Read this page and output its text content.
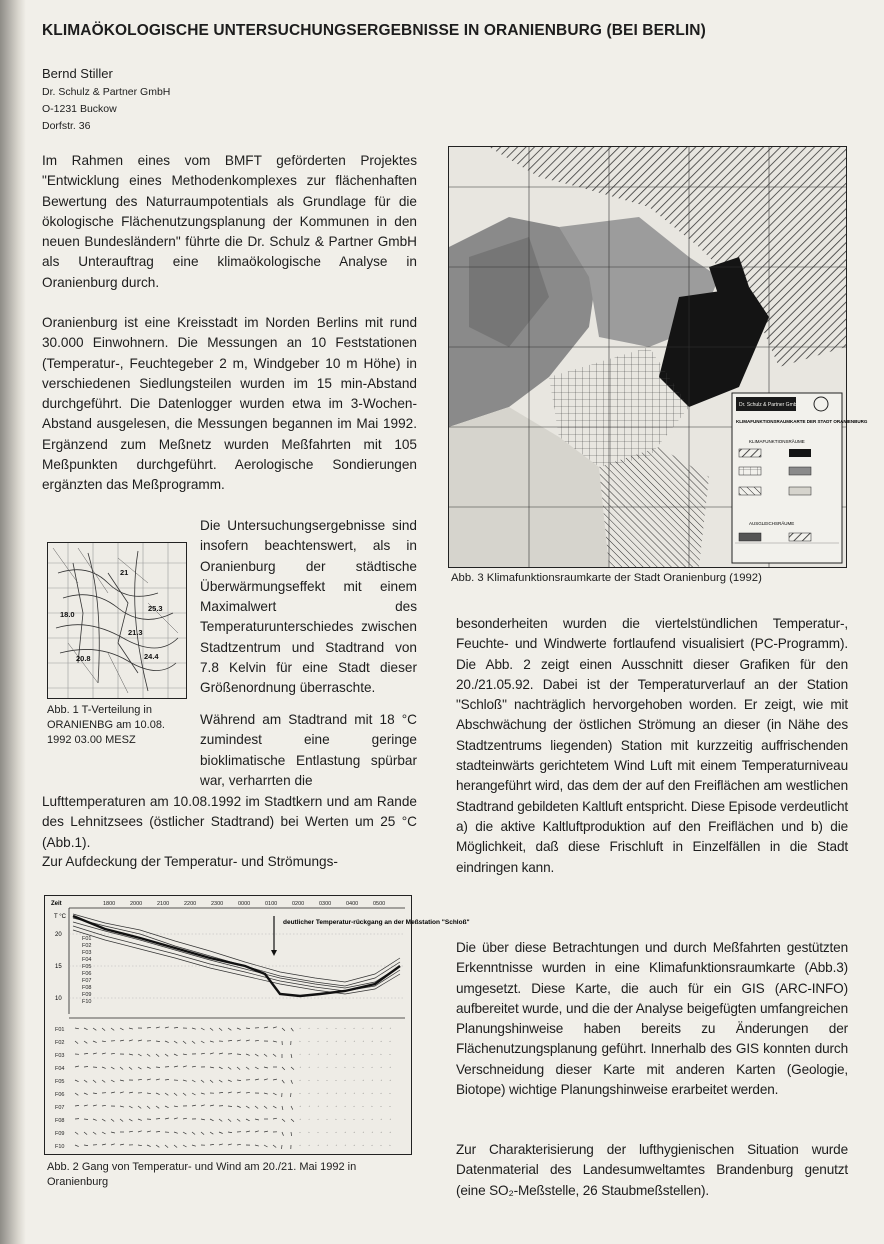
KLIMAÖKOLOGISCHE UNTERSUCHUNGSERGEBNISSE IN ORANIENBURG (BEI BERLIN)
Bernd Stiller
Dr. Schulz & Partner GmbH
O-1231 Buckow
Dorfstr. 36

Im Rahmen eines vom BMFT geförderten Projektes "Entwicklung eines Methodenkomplexes zur flächenhaften Bewertung des Naturraumpotentials als Grundlage für die ökologische Flächenutzungsplanung der Kommunen in den neuen Bundesländern" führte die Dr. Schulz & Partner GmbH als Unterauftrag eine klimaökologische Analyse in Oranienburg durch.

Oranienburg ist eine Kreisstadt im Norden Berlins mit rund 30.000 Einwohnern. Die Messungen an 10 Feststationen (Temperatur-, Feuchtegeber 2 m, Windgeber 10 m Höhe) in verschiedenen Siedlungsteilen wurden im 15 min-Abstand durchgeführt. Die Datenlogger wurden etwa im 3-Wochen-Abstand ausgelesen, die Messungen begannen im Mai 1992. Ergänzend zum Meßnetz wurden Meßfahrten mit 105 Meßpunkten durchgeführt. Aerologische Sondierungen ergänzten das Meßprogramm.

Die Untersuchungsergebnisse sind insofern beachtenswert, als in Oranienburg der städtische Überwärmungseffekt mit einem Maximalwert des Temperaturunterschiedes zwischen Stadtzentrum und Stadtrand von 7.8 Kelvin für eine Stadt dieser Größenordnung überraschte.

Während am Stadtrand mit 18 °C zumindest eine geringe bioklimatische Entlastung spürbar war, verharrten die

Lufttemperaturen am 10.08.1992 im Stadtkern und am Rande des Lehnitzsees (östlicher Stadtrand) bei Werten um 25 °C (Abb.1).

Zur Aufdeckung der Temperatur- und Strömungs-

besonderheiten wurden die viertelstündlichen Temperatur-, Feuchte- und Windwerte fortlaufend visualisiert (PC-Programm). Die Abb. 2 zeigt einen Ausschnitt dieser Grafiken für den 20./21.05.92. Dabei ist der Temperaturverlauf an der Station "Schloß" nachträglich hervorgehoben worden. Er zeigt, wie mit Abschwächung der östlichen Strömung an dieser (in Nähe des Stadtzentrums liegenden) Station mit kurzzeitig auffrischenden stadteinwärts gerichtetem Wind Luft mit einem Temperaturniveau herangeführt wird, das dem der auf den Freiflächen am westlichen Stadtrand gebildeten Kaltluft entspricht. Diese Episode verdeutlicht a) die aktive Kaltluftproduktion auf den Freiflächen und b) die Möglichkeit, daß diese Frischluft in Einzelfällen in die Stadt eindringen kann.

Die über diese Betrachtungen und durch Meßfahrten gestützten Erkenntnisse wurden in eine Klimafunktionsraumkarte (Abb.3) umgesetzt. Diese Karte, die auch für ein GIS (ARC-INFO) aufbereitet wurde, und die der Analyse beigefügten umfangreichen Planungshinweise haben bereits zu Änderungen der Flächenutzungsplanung geführt. Innerhalb des GIS konnten durch Verschneidung dieser Karte mit anderen Karten (Geologie, Biotope) wichtige Planungshinweise erarbeitet werden.

Zur Charakterisierung der lufthygienischen Situation wurde Datenmaterial des Landesumweltamtes Brandenburg genutzt (eine SO₂-Meßstelle, 26 Staubmeßstellen).

21
18.0
25.3
20.8
21.3
24.4
Abb. 1 T-Verteilung in ORANIENBG am 10.08. 1992 03.00 MESZ
Zeit	1800	2000	2100	2200	2300	0000	0100	0200	0300	0400	0500
T °C
20
15
10
F01
F02
F03
F04
F05
F06
F07
F08
F09
F10
deutlicher Temperatur-rückgang an der Meßstation "Schloß"
F01
F02
F03
F04
F05
F06
F07
F08
F09
F10
Abb. 2 Gang von Temperatur- und Wind am 20./21. Mai 1992 in Oranienburg
Dr. Schulz & Partner GmbH
KLIMAFUNKTIONSRAUMKARTE DER STADT ORANIENBURG
KLIMAFUNKTIONSRÄUME
AUSGLEICHSRÄUME
Abb. 3 Klimafunktionsraumkarte der Stadt Oranienburg (1992)
